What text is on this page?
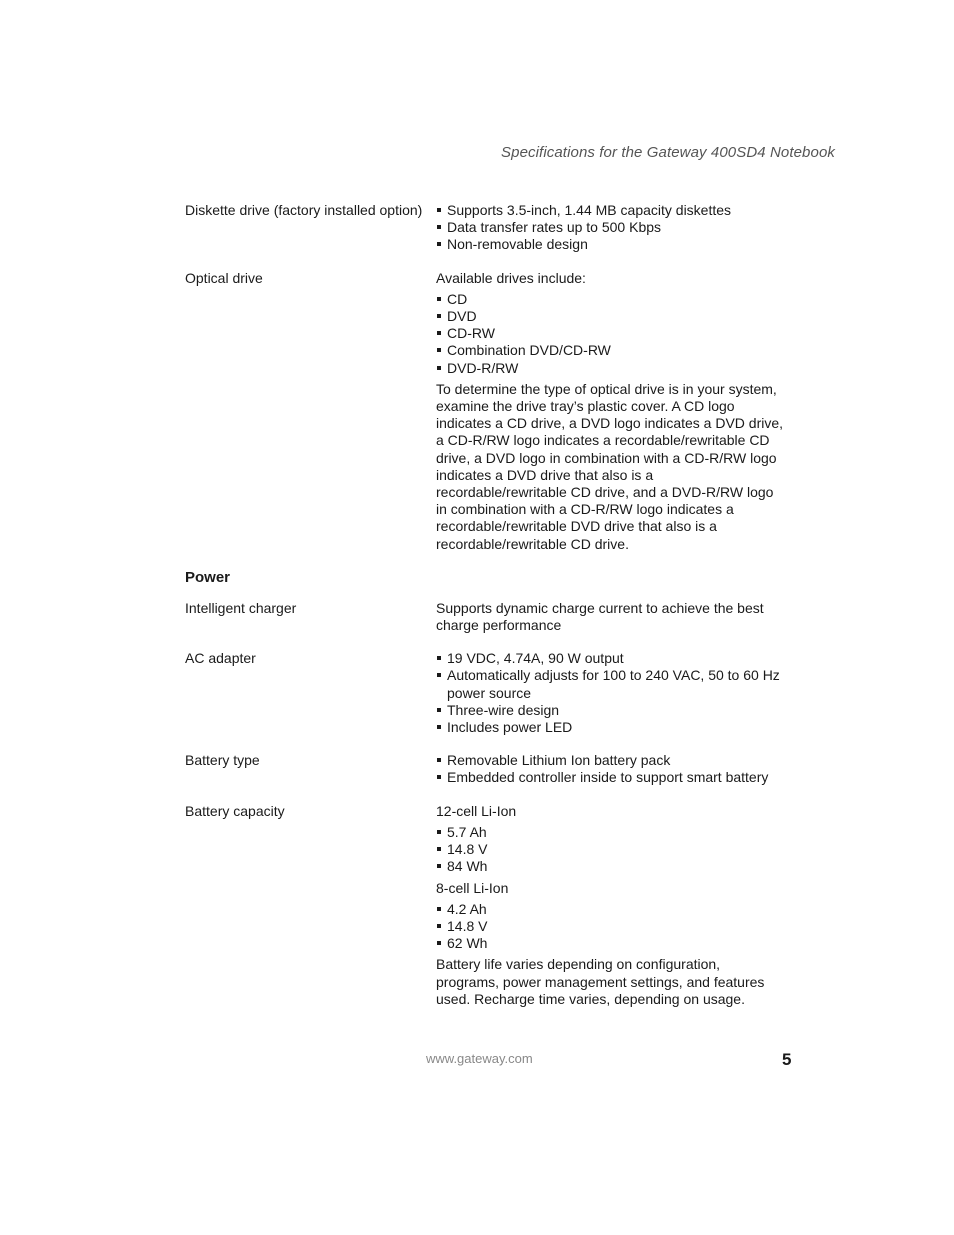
Specifications for the Gateway 400SD4 Notebook
Diskette drive (factory installed option)	Supports 3.5-inch, 1.44 MB capacity diskettes
Data transfer rates up to 500 Kbps
Non-removable design
Optical drive	Available drives include:

CD
DVD
CD-RW
Combination DVD/CD-RW
DVD-R/RW

To determine the type of optical drive is in your system, examine the drive tray’s plastic cover. A CD logo indicates a CD drive, a DVD logo indicates a DVD drive, a CD-R/RW logo indicates a recordable/rewritable CD drive, a DVD logo in combination with a CD-R/RW logo indicates a DVD drive that also is a recordable/rewritable CD drive, and a DVD-R/RW logo in combination with a CD-R/RW logo indicates a recordable/rewritable DVD drive that also is a recordable/rewritable CD drive.

Power
Intelligent charger	Supports dynamic charge current to achieve the best charge performance

AC adapter	19 VDC, 4.74A, 90 W output
Automatically adjusts for 100 to 240 VAC, 50 to 60 Hz power source
Three-wire design
Includes power LED
Battery type	Removable Lithium Ion battery pack
Embedded controller inside to support smart battery
Battery capacity	12-cell Li-Ion

5.7 Ah
14.8 V
84 Wh

8-cell Li-Ion

4.2 Ah
14.8 V
62 Wh

Battery life varies depending on configuration, programs, power management settings, and features used. Recharge time varies, depending on usage.

www.gateway.com	5
